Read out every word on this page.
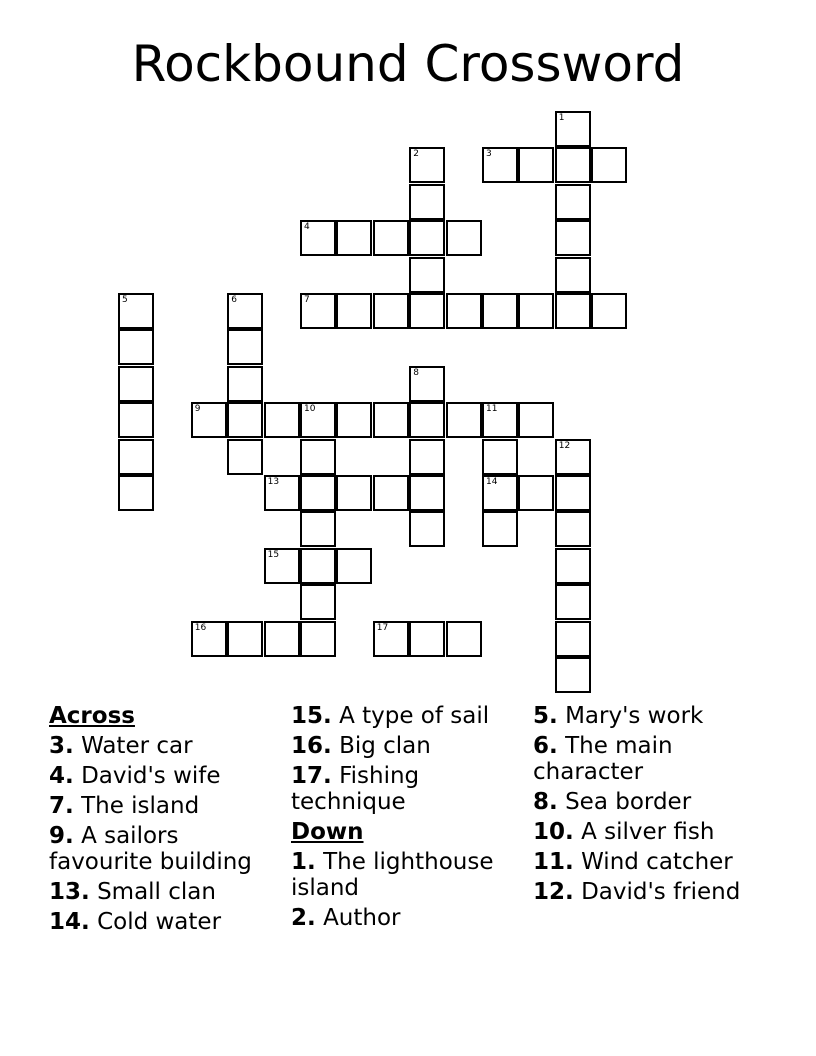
Rockbound Crossword
1
2	3
4
5	6	7
8
9	10	11
14
12
13
15
16	17
Across
3. Water car
4. David's wife
7. The island
9. A sailors favourite building
13. Small clan
14. Cold water
15. A type of sail
16. Big clan
17. Fishing technique
Down
1. The lighthouse island
2. Author
5. Mary's work
6. The main character
8. Sea border
10. A silver fish
11. Wind catcher
12. David's friend
